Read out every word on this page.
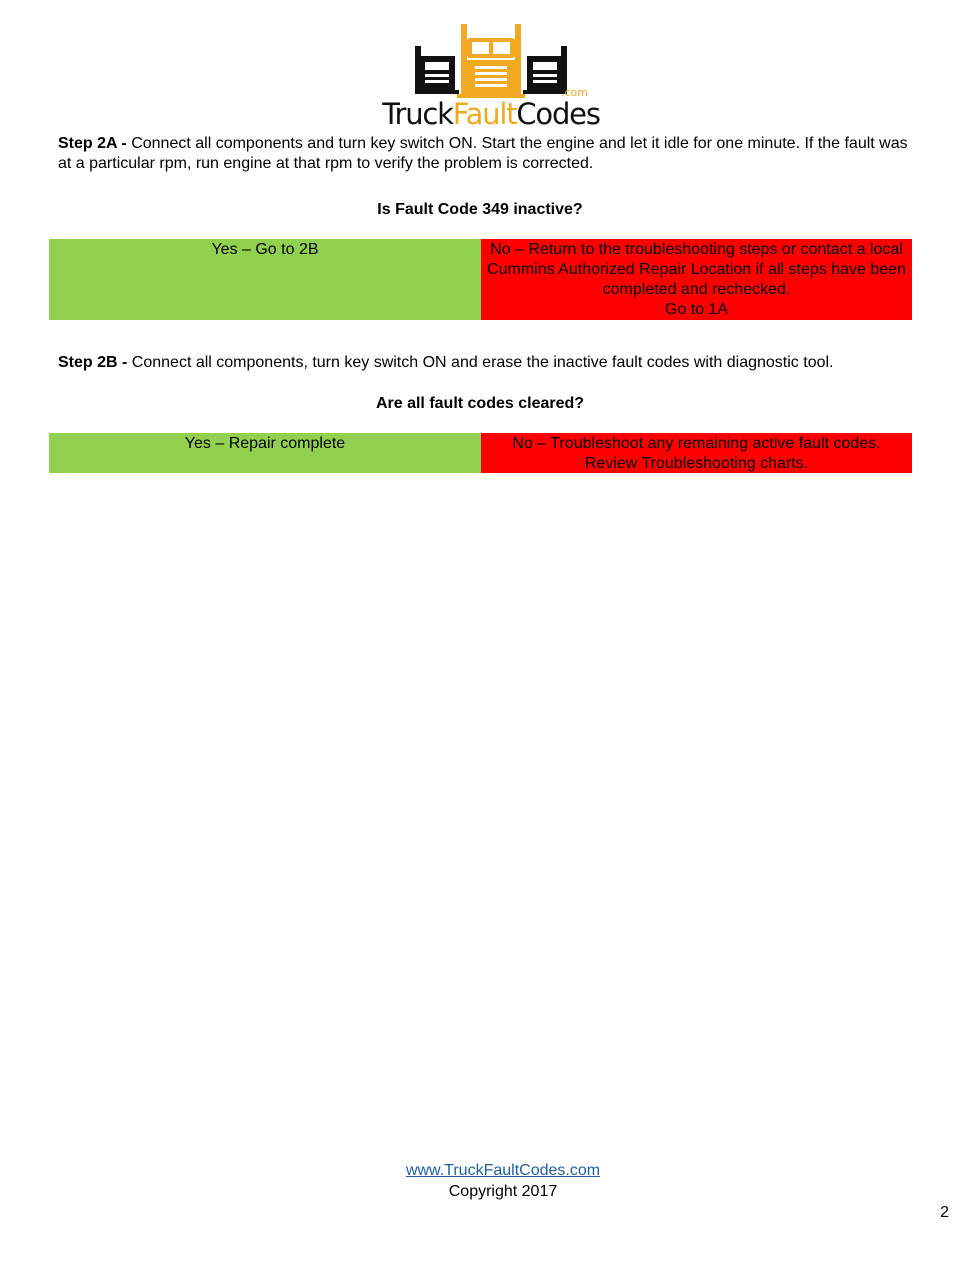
.com
TruckFaultCodes
Step 2A - Connect all components and turn key switch ON. Start the engine and let it idle for one minute. If the fault was at a particular rpm, run engine at that rpm to verify the problem is corrected.
Is Fault Code 349 inactive?
Yes – Go to 2B	No – Return to the troubleshooting steps or contact a local Cummins Authorized Repair Location if all steps have been completed and rechecked.
Go to 1A
Step 2B - Connect all components, turn key switch ON and erase the inactive fault codes with diagnostic tool.
Are all fault codes cleared?
Yes – Repair complete	No – Troubleshoot any remaining active fault codes. Review Troubleshooting charts.
www.TruckFaultCodes.com
Copyright 2017
2
